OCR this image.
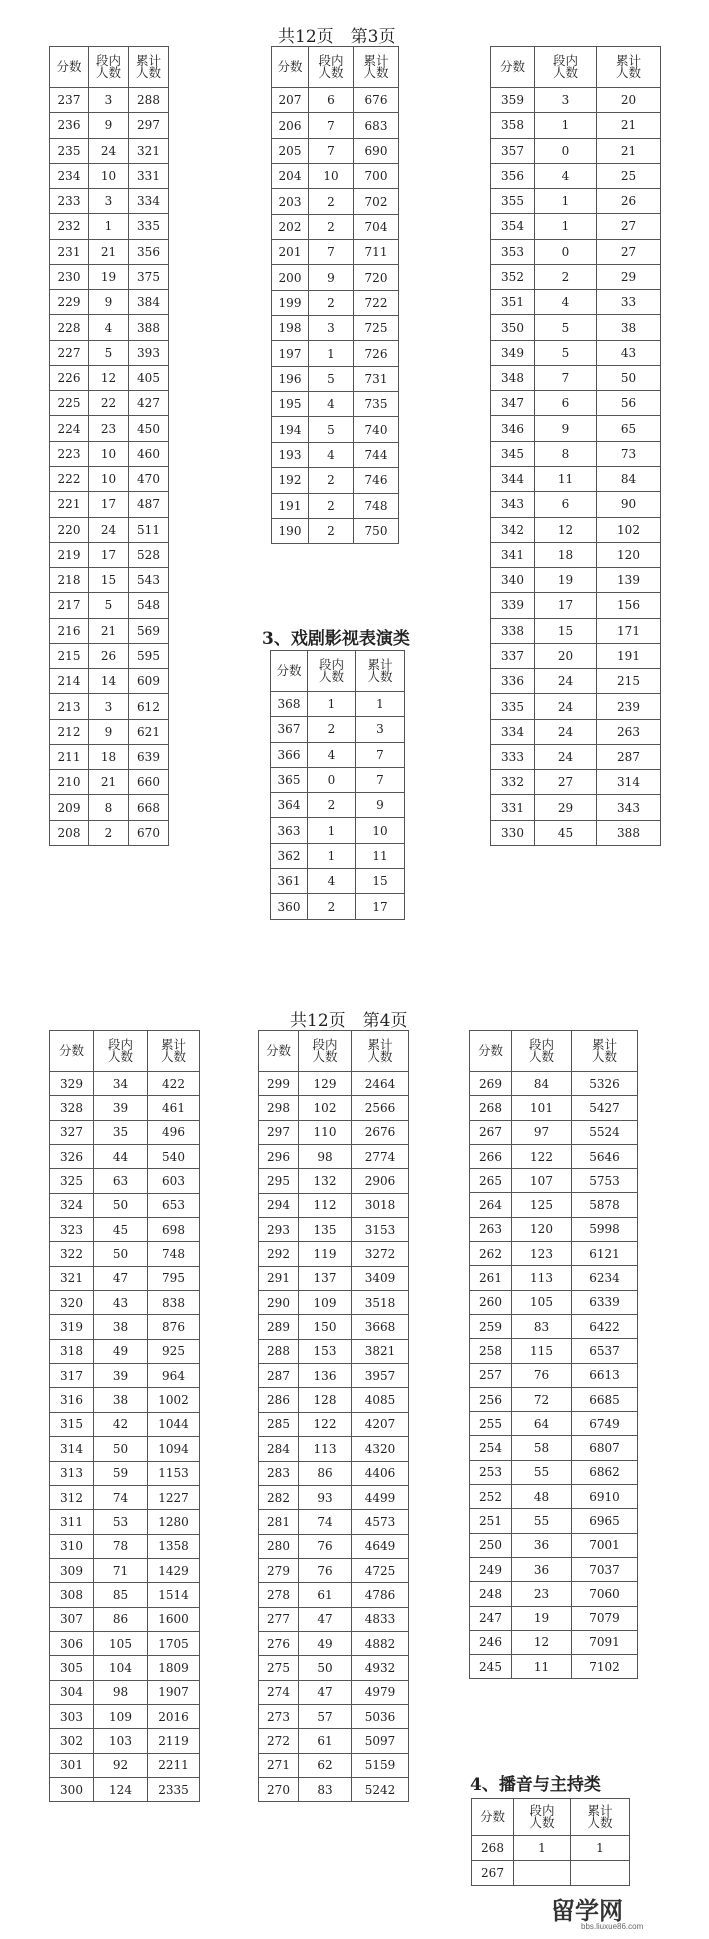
共12页　第3页
分数	段内
人数	累计
人数
237	3	288
236	9	297
235	24	321
234	10	331
233	3	334
232	1	335
231	21	356
230	19	375
229	9	384
228	4	388
227	5	393
226	12	405
225	22	427
224	23	450
223	10	460
222	10	470
221	17	487
220	24	511
219	17	528
218	15	543
217	5	548
216	21	569
215	26	595
214	14	609
213	3	612
212	9	621
211	18	639
210	21	660
209	8	668
208	2	670
分数	段内
人数	累计
人数
207	6	676
206	7	683
205	7	690
204	10	700
203	2	702
202	2	704
201	7	711
200	9	720
199	2	722
198	3	725
197	1	726
196	5	731
195	4	735
194	5	740
193	4	744
192	2	746
191	2	748
190	2	750
3、戏剧影视表演类
分数	段内
人数	累计
人数
368	1	1
367	2	3
366	4	7
365	0	7
364	2	9
363	1	10
362	1	11
361	4	15
360	2	17
分数	段内
人数	累计
人数
359	3	20
358	1	21
357	0	21
356	4	25
355	1	26
354	1	27
353	0	27
352	2	29
351	4	33
350	5	38
349	5	43
348	7	50
347	6	56
346	9	65
345	8	73
344	11	84
343	6	90
342	12	102
341	18	120
340	19	139
339	17	156
338	15	171
337	20	191
336	24	215
335	24	239
334	24	263
333	24	287
332	27	314
331	29	343
330	45	388
共12页　第4页
分数	段内
人数	累计
人数
329	34	422
328	39	461
327	35	496
326	44	540
325	63	603
324	50	653
323	45	698
322	50	748
321	47	795
320	43	838
319	38	876
318	49	925
317	39	964
316	38	1002
315	42	1044
314	50	1094
313	59	1153
312	74	1227
311	53	1280
310	78	1358
309	71	1429
308	85	1514
307	86	1600
306	105	1705
305	104	1809
304	98	1907
303	109	2016
302	103	2119
301	92	2211
300	124	2335
分数	段内
人数	累计
人数
299	129	2464
298	102	2566
297	110	2676
296	98	2774
295	132	2906
294	112	3018
293	135	3153
292	119	3272
291	137	3409
290	109	3518
289	150	3668
288	153	3821
287	136	3957
286	128	4085
285	122	4207
284	113	4320
283	86	4406
282	93	4499
281	74	4573
280	76	4649
279	76	4725
278	61	4786
277	47	4833
276	49	4882
275	50	4932
274	47	4979
273	57	5036
272	61	5097
271	62	5159
270	83	5242
分数	段内
人数	累计
人数
269	84	5326
268	101	5427
267	97	5524
266	122	5646
265	107	5753
264	125	5878
263	120	5998
262	123	6121
261	113	6234
260	105	6339
259	83	6422
258	115	6537
257	76	6613
256	72	6685
255	64	6749
254	58	6807
253	55	6862
252	48	6910
251	55	6965
250	36	7001
249	36	7037
248	23	7060
247	19	7079
246	12	7091
245	11	7102
4、播音与主持类
分数	段内
人数	累计
人数
268	1	1
267		
留学网
bbs.liuxue86.com
